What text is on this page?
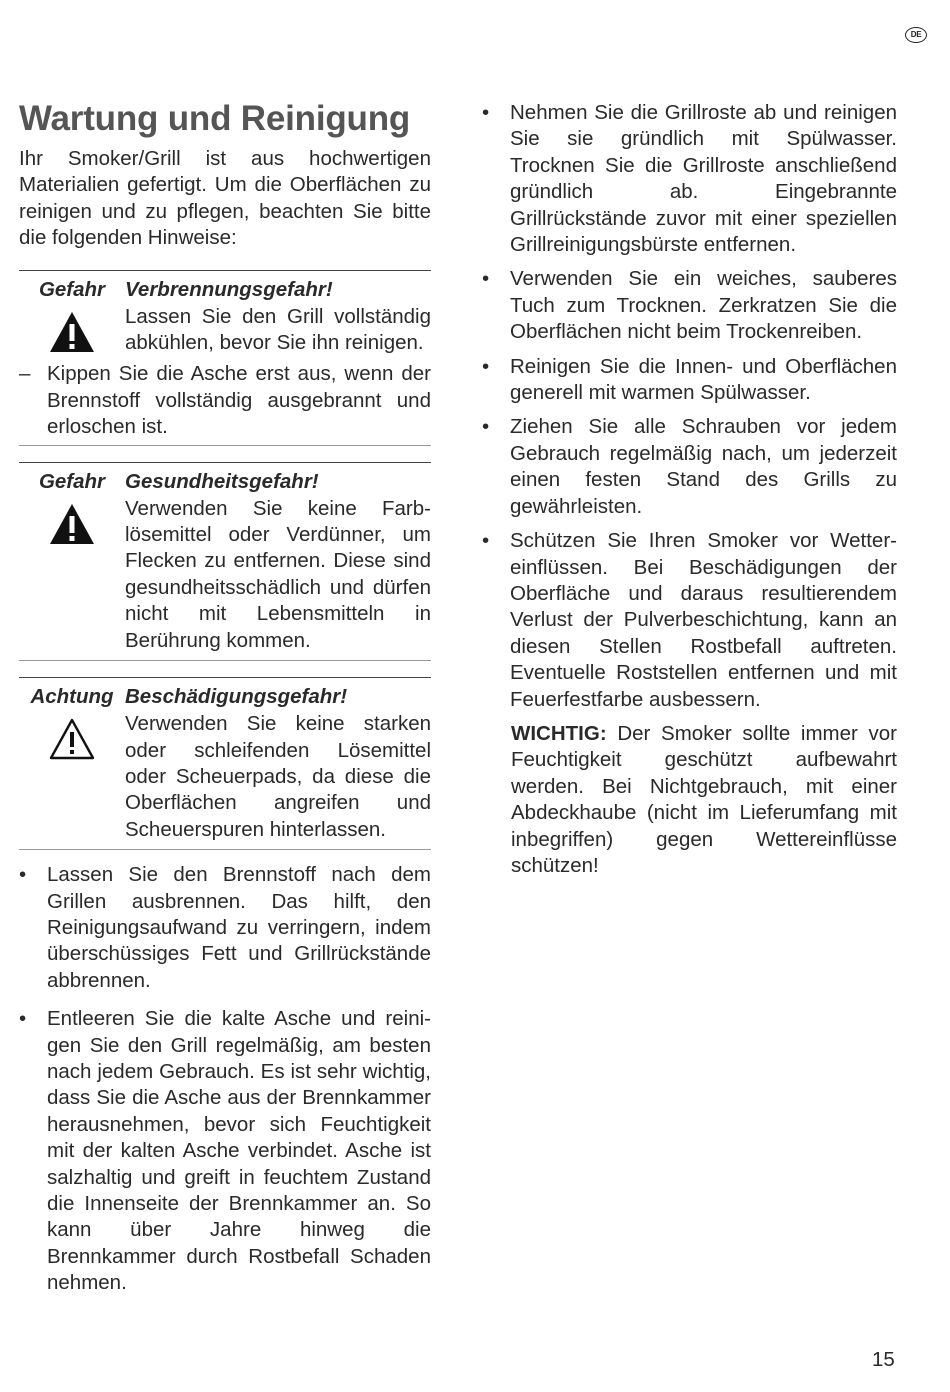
DE
Wartung und Reinigung

Ihr Smoker/Grill ist aus hochwertigen Materialien gefertigt. Um die Oberflächen zu reinigen und zu pflegen, beachten Sie bitte die folgenden Hinweise:

Gefahr Verbrennungsgefahr!
Lassen Sie den Grill vollständig abkühlen, bevor Sie ihn reinigen.
– Kippen Sie die Asche erst aus, wenn der Brennstoff vollständig ausgebrannt und erloschen ist.
Gefahr Gesundheitsgefahr!
Verwenden Sie keine Farblösemittel oder Verdünner, um Flecken zu entfernen. Diese sind gesundheitsschädlich und dürfen nicht mit Lebensmitteln in Berührung kommen.
Achtung Beschädigungsgefahr!
Verwenden Sie keine starken oder schleifenden Lösemittel oder Scheuerpads, da diese die Oberflächen angreifen und Scheuerspuren hinterlassen.
•	Lassen Sie den Brennstoff nach dem Grillen ausbrennen. Das hilft, den Reinigungsaufwand zu verringern, indem überschüssiges Fett und Grillrückstände abbrennen.
•	Entleeren Sie die kalte Asche und reinigen Sie den Grill regelmäßig, am besten nach jedem Gebrauch. Es ist sehr wichtig, dass Sie die Asche aus der Brennkammer herausnehmen, bevor sich Feuchtigkeit mit der kalten Asche verbindet. Asche ist salzhaltig und greift in feuchtem Zustand die Innenseite der Brennkammer an. So kann über Jahre hinweg die Brennkammer durch Rostbefall Schaden nehmen.
•	Nehmen Sie die Grillroste ab und reinigen Sie sie gründlich mit Spülwasser. Trocknen Sie die Grillroste anschließend gründlich ab. Eingebrannte Grillrückstände zuvor mit einer speziellen Grillreinigungsbürste entfernen.
•	Verwenden Sie ein weiches, sauberes Tuch zum Trocknen. Zerkratzen Sie die Oberflächen nicht beim Trockenreiben.
•	Reinigen Sie die Innen- und Oberflächen generell mit warmen Spülwasser.
•	Ziehen Sie alle Schrauben vor jedem Gebrauch regelmäßig nach, um jederzeit einen festen Stand des Grills zu gewährleisten.
•	Schützen Sie Ihren Smoker vor Wettereinflüssen. Bei Beschädigungen der Oberfläche und daraus resultierendem Verlust der Pulverbeschichtung, kann an diesen Stellen Rostbefall auftreten. Eventuelle Roststellen entfernen und mit Feuerfestfarbe ausbessern.

WICHTIG: Der Smoker sollte immer vor Feuchtigkeit geschützt aufbewahrt werden. Bei Nichtgebrauch, mit einer Abdeckhaube (nicht im Lieferumfang mit inbegriffen) gegen Wettereinflüsse schützen!

15
